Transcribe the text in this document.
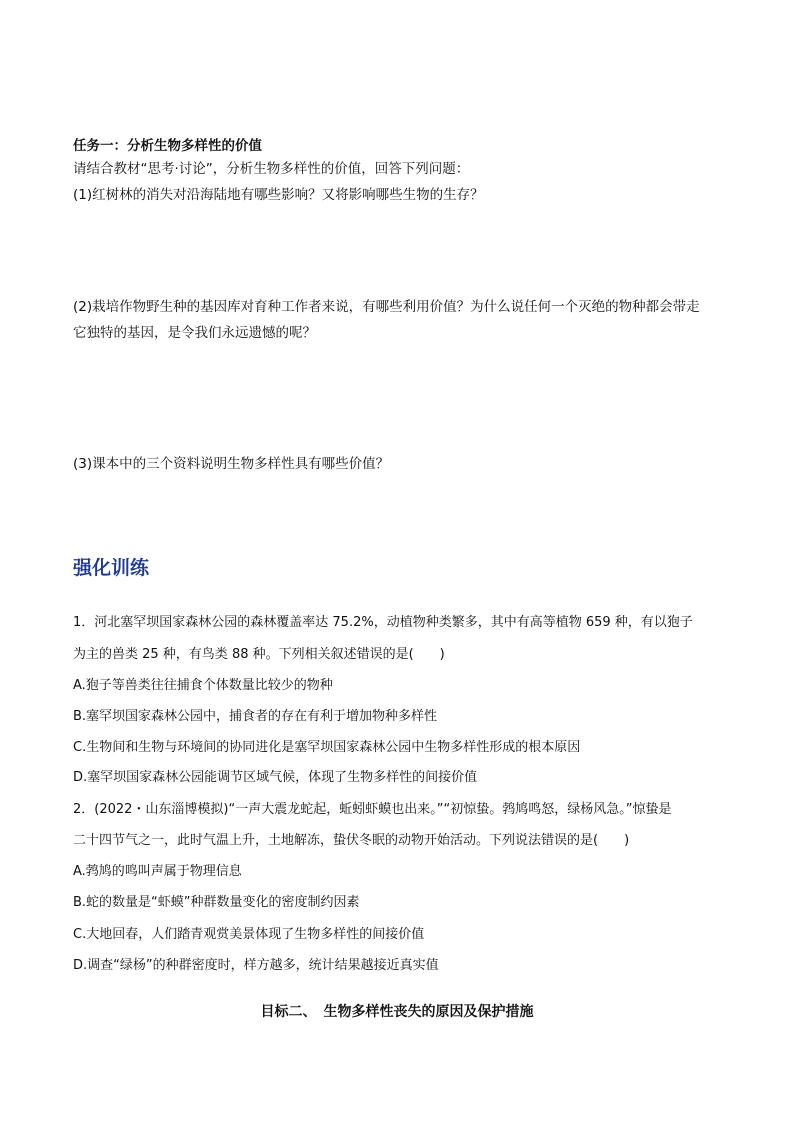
任务一：分析生物多样性的价值
请结合教材“思考·讨论”，分析生物多样性的价值，回答下列问题：
(1)红树林的消失对沿海陆地有哪些影响？又将影响哪些生物的生存？
(2)栽培作物野生种的基因库对育种工作者来说，有哪些利用价值？为什么说任何一个灭绝的物种都会带走
它独特的基因，是令我们永远遗憾的呢？
(3)课本中的三个资料说明生物多样性具有哪些价值？
强化训练
1．河北塞罕坝国家森林公园的森林覆盖率达 75.2%，动植物种类繁多，其中有高等植物 659 种，有以狍子
为主的兽类 25 种，有鸟类 88 种。下列相关叙述错误的是(　　)
A.狍子等兽类往往捕食个体数量比较少的物种
B.塞罕坝国家森林公园中，捕食者的存在有利于增加物种多样性
C.生物间和生物与环境间的协同进化是塞罕坝国家森林公园中生物多样性形成的根本原因
D.塞罕坝国家森林公园能调节区域气候，体现了生物多样性的间接价值
2．(2022・山东淄博模拟)“一声大震龙蛇起，蚯蚓虾蟆也出来。”“初惊蛰。鹁鸠鸣怒，绿杨风急。”惊蛰是
二十四节气之一，此时气温上升，土地解冻，蛰伏冬眠的动物开始活动。下列说法错误的是(　　)
A.鹁鸠的鸣叫声属于物理信息
B.蛇的数量是“虾蟆”种群数量变化的密度制约因素
C.大地回春，人们踏青观赏美景体现了生物多样性的间接价值
D.调查“绿杨”的种群密度时，样方越多，统计结果越接近真实值
目标二、　生物多样性丧失的原因及保护措施
